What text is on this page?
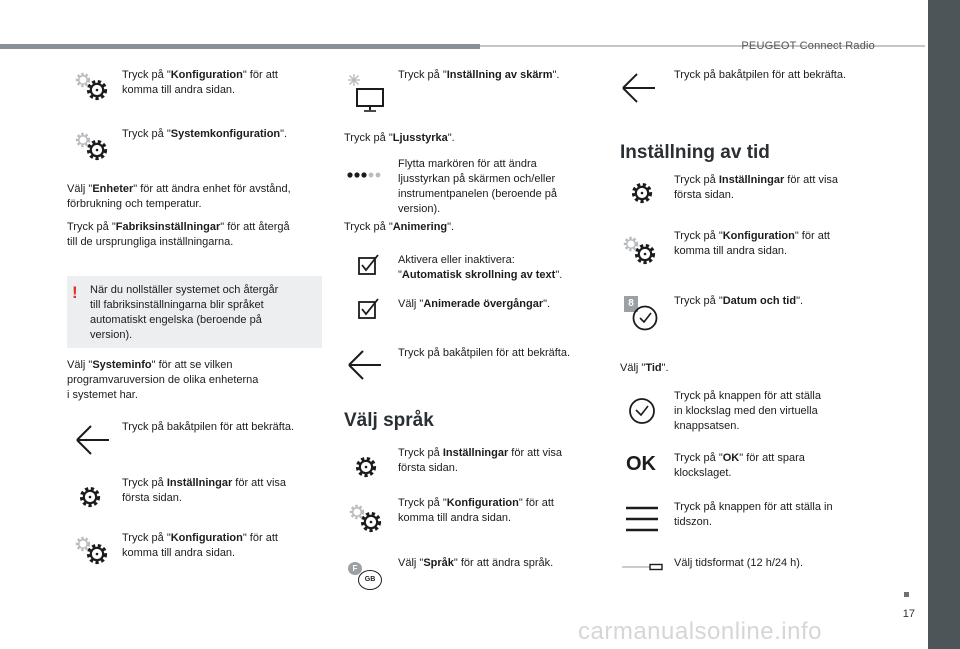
PEUGEOT Connect Radio
Tryck på "Konfiguration" för att
komma till andra sidan.
Tryck på "Systemkonfiguration".
Välj "Enheter" för att ändra enhet för avstånd,
förbrukning och temperatur.
Tryck på "Fabriksinställningar" för att återgå
till de ursprungliga inställningarna.
! När du nollställer systemet och återgår
till fabriksinställningarna blir språket
automatiskt engelska (beroende på
version).
Välj "Systeminfo" för att se vilken
programvaruversion de olika enheterna
i systemet har.
Tryck på bakåtpilen för att bekräfta.
Tryck på Inställningar för att visa
första sidan.
Tryck på "Konfiguration" för att
komma till andra sidan.
Tryck på "Inställning av skärm".
Tryck på "Ljusstyrka".
Flytta markören för att ändra
ljusstyrkan på skärmen och/eller
instrumentpanelen (beroende på
version).
Tryck på "Animering".
Aktivera eller inaktivera:
"Automatisk skrollning av text".
Välj "Animerade övergångar".
Tryck på bakåtpilen för att bekräfta.
Välj språk
Tryck på Inställningar för att visa
första sidan.
Tryck på "Konfiguration" för att
komma till andra sidan.
F
GB
Välj "Språk" för att ändra språk.
Tryck på bakåtpilen för att bekräfta.
Inställning av tid
Tryck på Inställningar för att visa
första sidan.
Tryck på "Konfiguration" för att
komma till andra sidan.
8	Tryck på "Datum och tid".
Välj "Tid".
Tryck på knappen för att ställa
in klockslag med den virtuella
knappsatsen.
OK Tryck på "OK" för att spara
klockslaget.
Tryck på knappen för att ställa in
tidszon.
Välj tidsformat (12 h/24 h).
17
carmanualsonline.info
